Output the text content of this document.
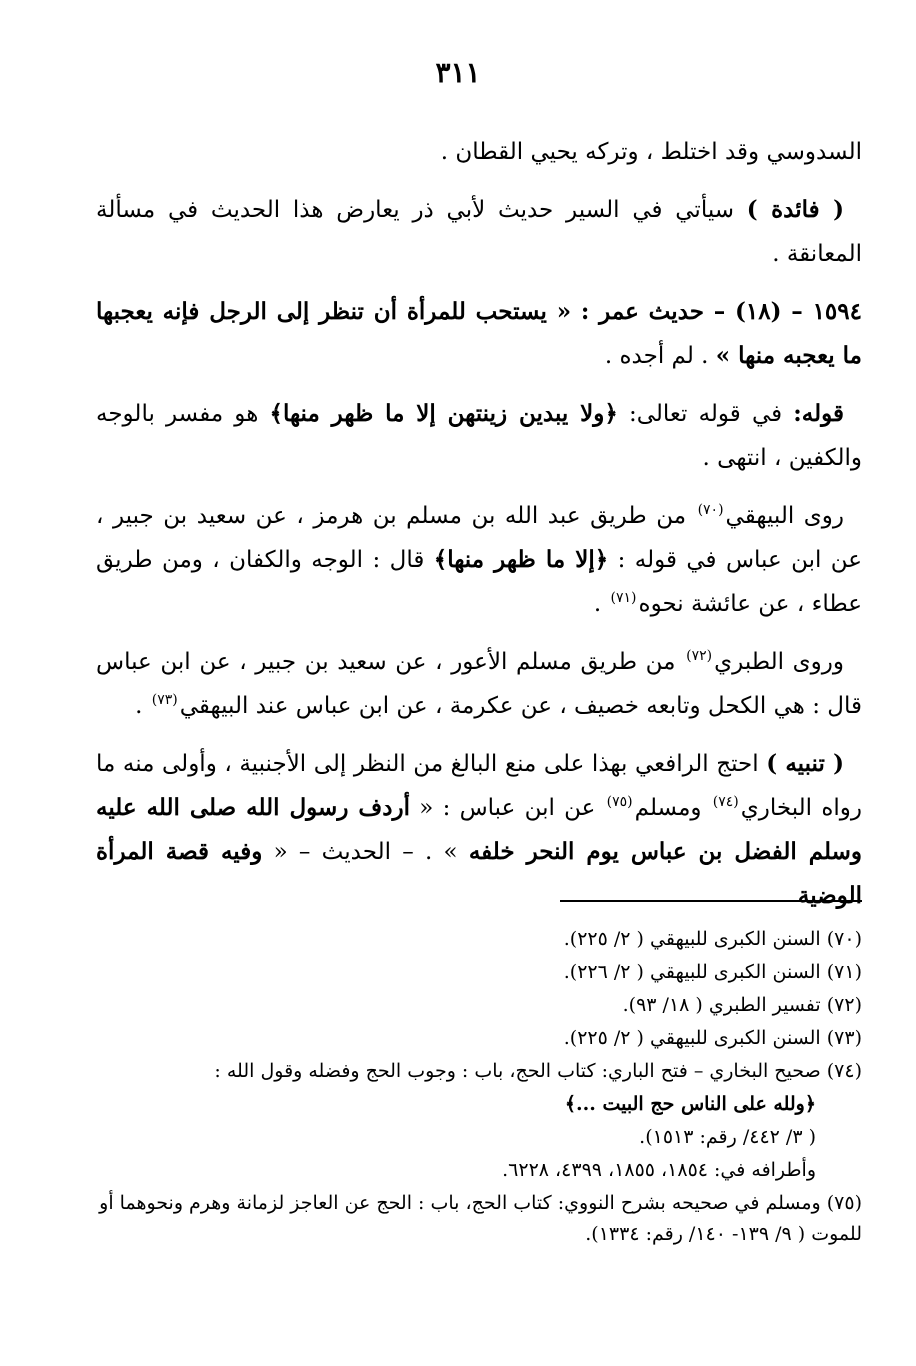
٣١١

السدوسي وقد اختلط ، وتركه يحيي القطان .

( فائدة ) سيأتي في السير حديث لأبي ذر يعارض هذا الحديث في مسألة المعانقة .

١٥٩٤ – (١٨) – حديث عمر : « يستحب للمرأة أن تنظر إلى الرجل فإنه يعجبها ما يعجبه منها » . لم أجده .

قوله: في قوله تعالى: ﴿ولا يبدين زينتهن إلا ما ظهر منها﴾ هو مفسر بالوجه والكفين ، انتهى .

روى البيهقي$^{(٧٠)}$ من طريق عبد الله بن مسلم بن هرمز ، عن سعيد بن جبير ، عن ابن عباس في قوله : ﴿إلا ما ظهر منها﴾ قال : الوجه والكفان ، ومن طريق عطاء ، عن عائشة نحوه$^{(٧١)}$ .

وروى الطبري$^{(٧٢)}$ من طريق مسلم الأعور ، عن سعيد بن جبير ، عن ابن عباس قال : هي الكحل وتابعه خصيف ، عن عكرمة ، عن ابن عباس عند البيهقي$^{(٧٣)}$ .

( تنبيه ) احتج الرافعي بهذا على منع البالغ من النظر إلى الأجنبية ، وأولى منه ما رواه البخاري$^{(٧٤)}$ ومسلم$^{(٧٥)}$ عن ابن عباس : « أردف رسول الله صلى الله عليه وسلم الفضل بن عباس يوم النحر خلفه » . – الحديث – « وفيه قصة المرأة الوضية

(٧٠) السنن الكبرى للبيهقي ( ٢/ ٢٢٥).

(٧١) السنن الكبرى للبيهقي ( ٢/ ٢٢٦).

(٧٢) تفسير الطبري ( ١٨/ ٩٣).

(٧٣) السنن الكبرى للبيهقي ( ٢/ ٢٢٥).

(٧٤) صحيح البخاري – فتح الباري: كتاب الحج، باب : وجوب الحج وفضله وقول الله :

﴿ولله على الناس حج البيت ...﴾

( ٣/ ٤٤٢/ رقم: ١٥١٣).

وأطرافه في: ١٨٥٤، ١٨٥٥، ٤٣٩٩، ٦٢٢٨.

(٧٥) ومسلم في صحيحه بشرح النووي: كتاب الحج، باب : الحج عن العاجز لزمانة وهرم ونحوهما أو للموت ( ٩/ ١٣٩- ١٤٠/ رقم: ١٣٣٤).
